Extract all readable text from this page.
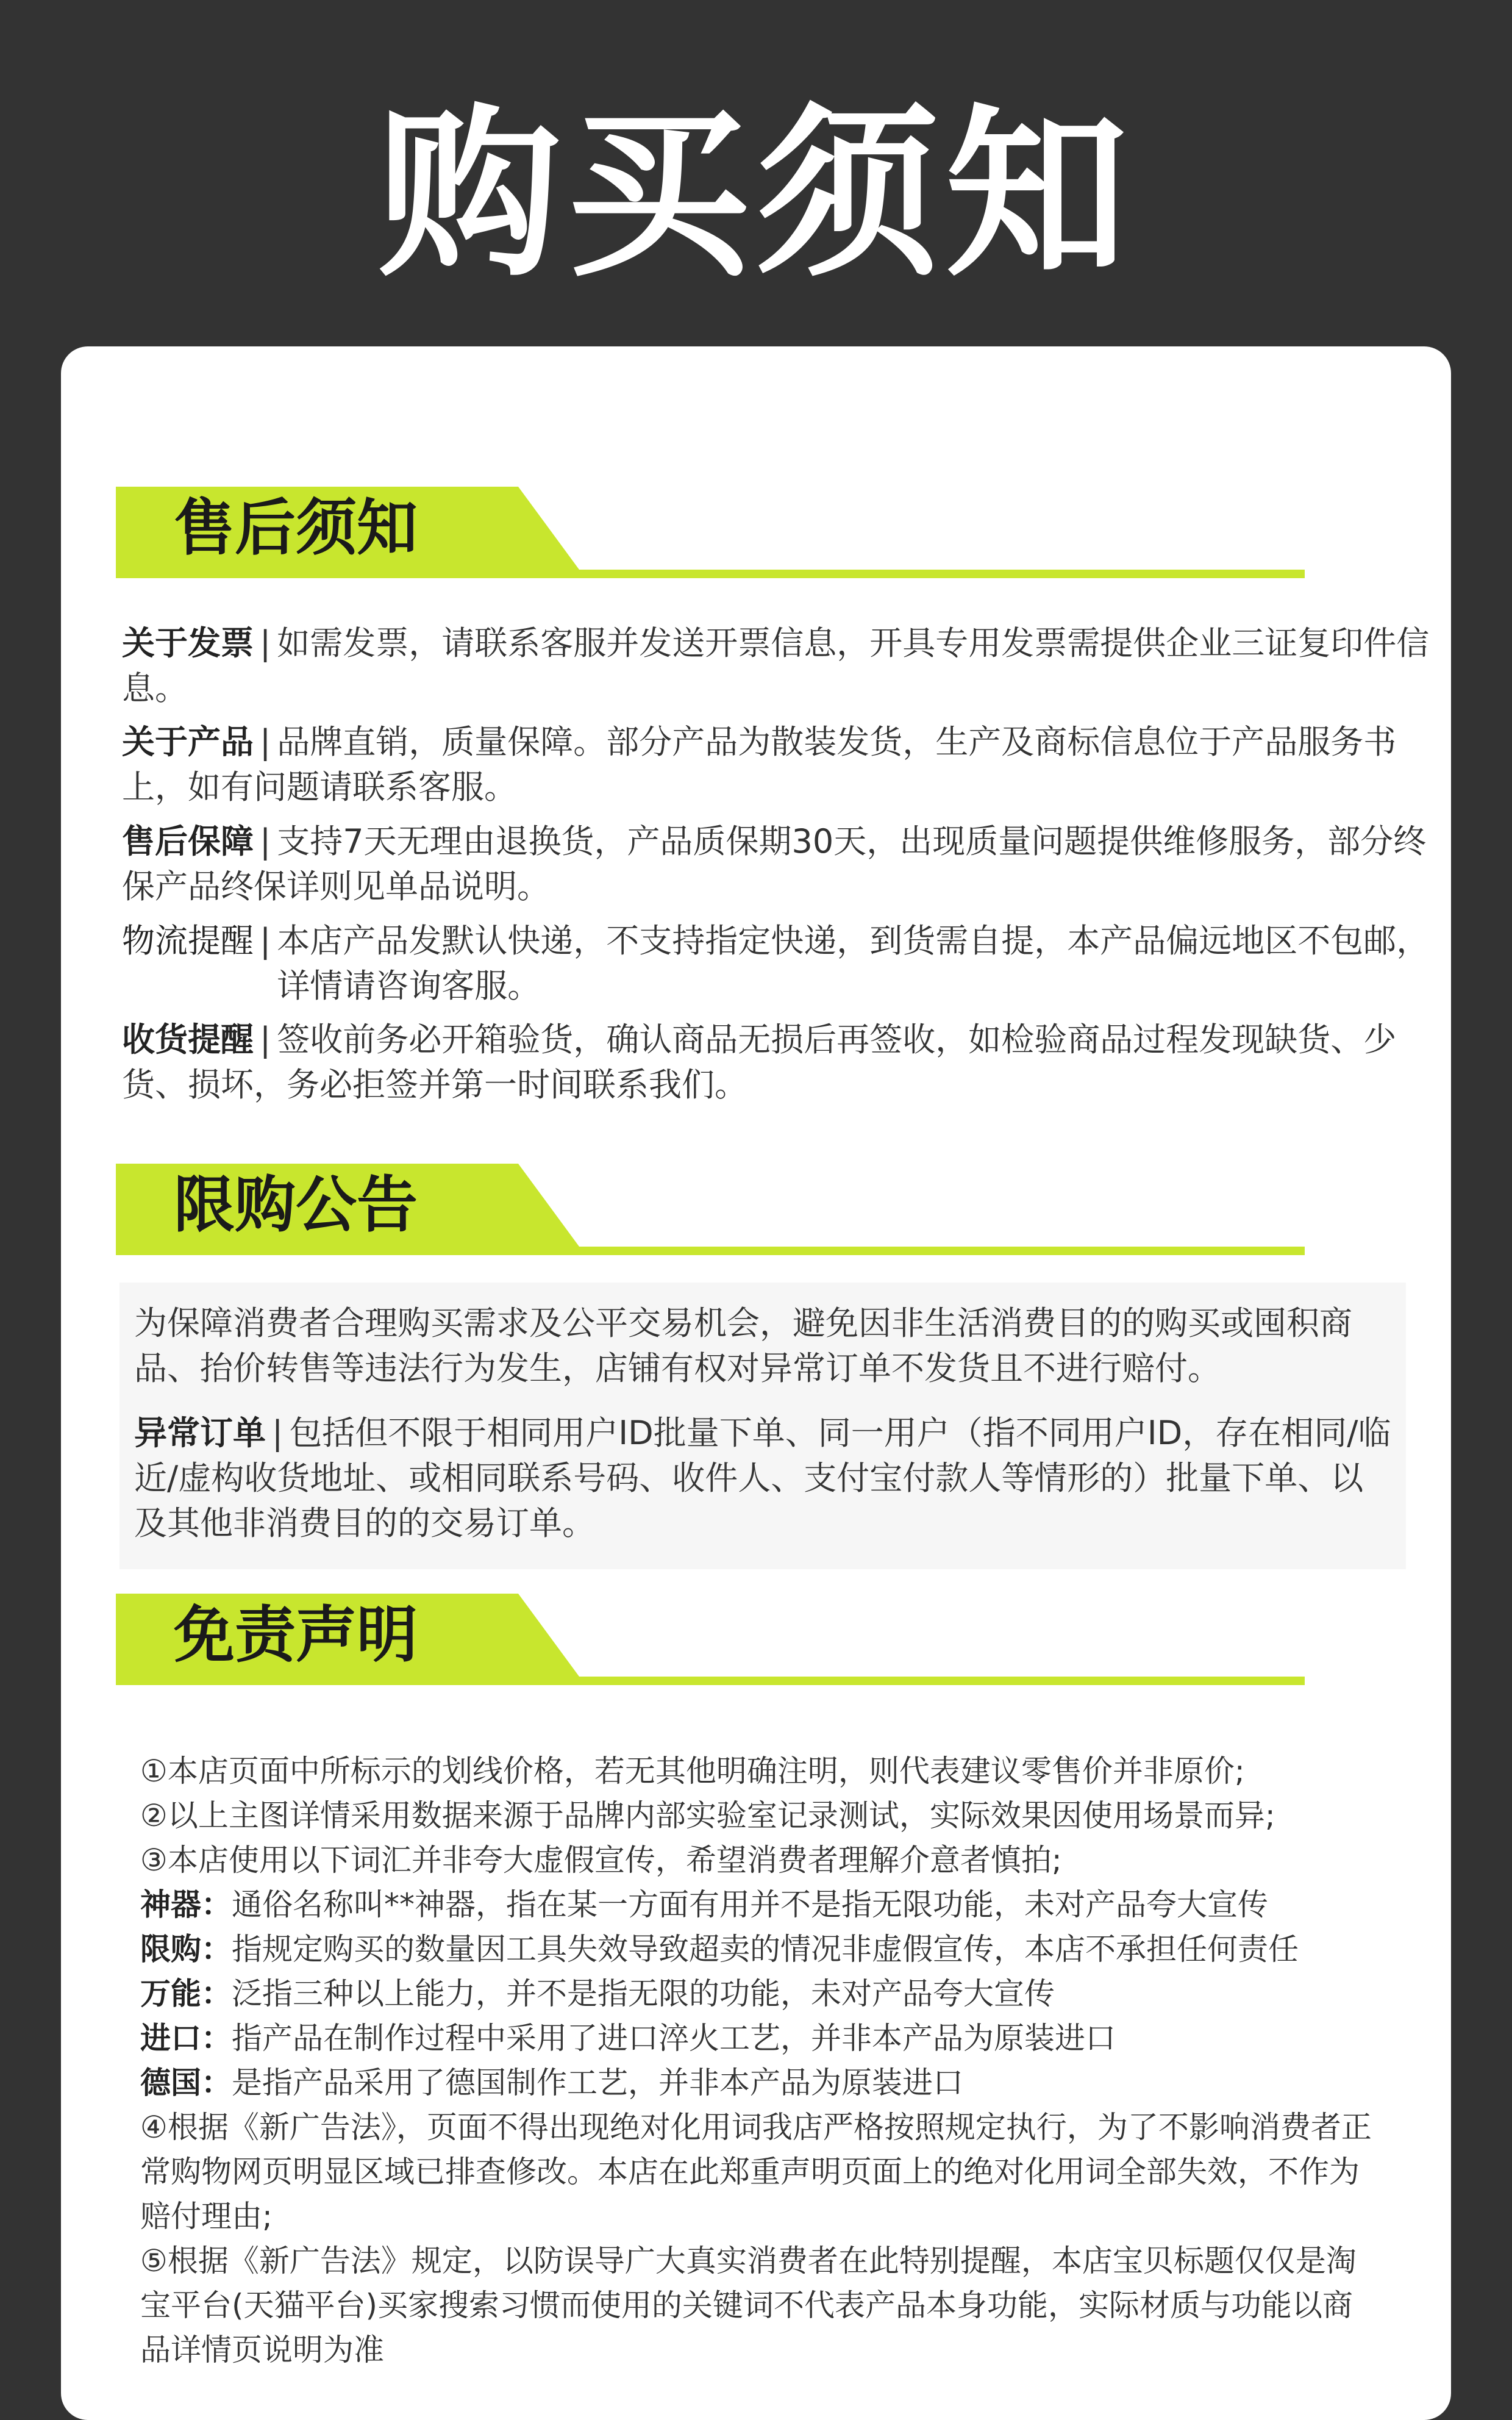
购买须知
售后须知
关于发票 | 如需发票，请联系客服并发送开票信息，开具专用发票需提供企业三证复印件信息。
关于产品 | 品牌直销，质量保障。部分产品为散装发货，生产及商标信息位于产品服务书上，如有问题请联系客服。
售后保障 | 支持7天无理由退换货，产品质保期30天，出现质量问题提供维修服务，部分终保产品终保详则见单品说明。
物流提醒 | 本店产品发默认快递，不支持指定快递，到货需自提，本产品偏远地区不包邮，详情请咨询客服。
收货提醒 | 签收前务必开箱验货，确认商品无损后再签收，如检验商品过程发现缺货、少货、损坏，务必拒签并第一时间联系我们。
限购公告
为保障消费者合理购买需求及公平交易机会，避免因非生活消费目的的购买或囤积商品、抬价转售等违法行为发生，店铺有权对异常订单不发货且不进行赔付。
异常订单 | 包括但不限于相同用户ID批量下单、同一用户（指不同用户ID，存在相同/临近/虚构收货地址、或相同联系号码、收件人、支付宝付款人等情形的）批量下单、以及其他非消费目的的交易订单。
免责声明
①本店页面中所标示的划线价格，若无其他明确注明，则代表建议零售价并非原价;
②以上主图详情采用数据来源于品牌内部实验室记录测试，实际效果因使用场景而异;
③本店使用以下词汇并非夸大虚假宣传，希望消费者理解介意者慎拍;
神器：通俗名称叫**神器，指在某一方面有用并不是指无限功能，未对产品夸大宣传
限购：指规定购买的数量因工具失效导致超卖的情况非虚假宣传，本店不承担任何责任
万能：泛指三种以上能力，并不是指无限的功能，未对产品夸大宣传
进口：指产品在制作过程中采用了进口淬火工艺，并非本产品为原装进口
德国：是指产品采用了德国制作工艺，并非本产品为原装进口
④根据《新广告法》，页面不得出现绝对化用词我店严格按照规定执行，为了不影响消费者正常购物网页明显区域已排查修改。本店在此郑重声明页面上的绝对化用词全部失效，不作为赔付理由;
⑤根据《新广告法》规定，以防误导广大真实消费者在此特别提醒，本店宝贝标题仅仅是淘宝平台(天猫平台)买家搜索习惯而使用的关键词不代表产品本身功能，实际材质与功能以商品详情页说明为准
